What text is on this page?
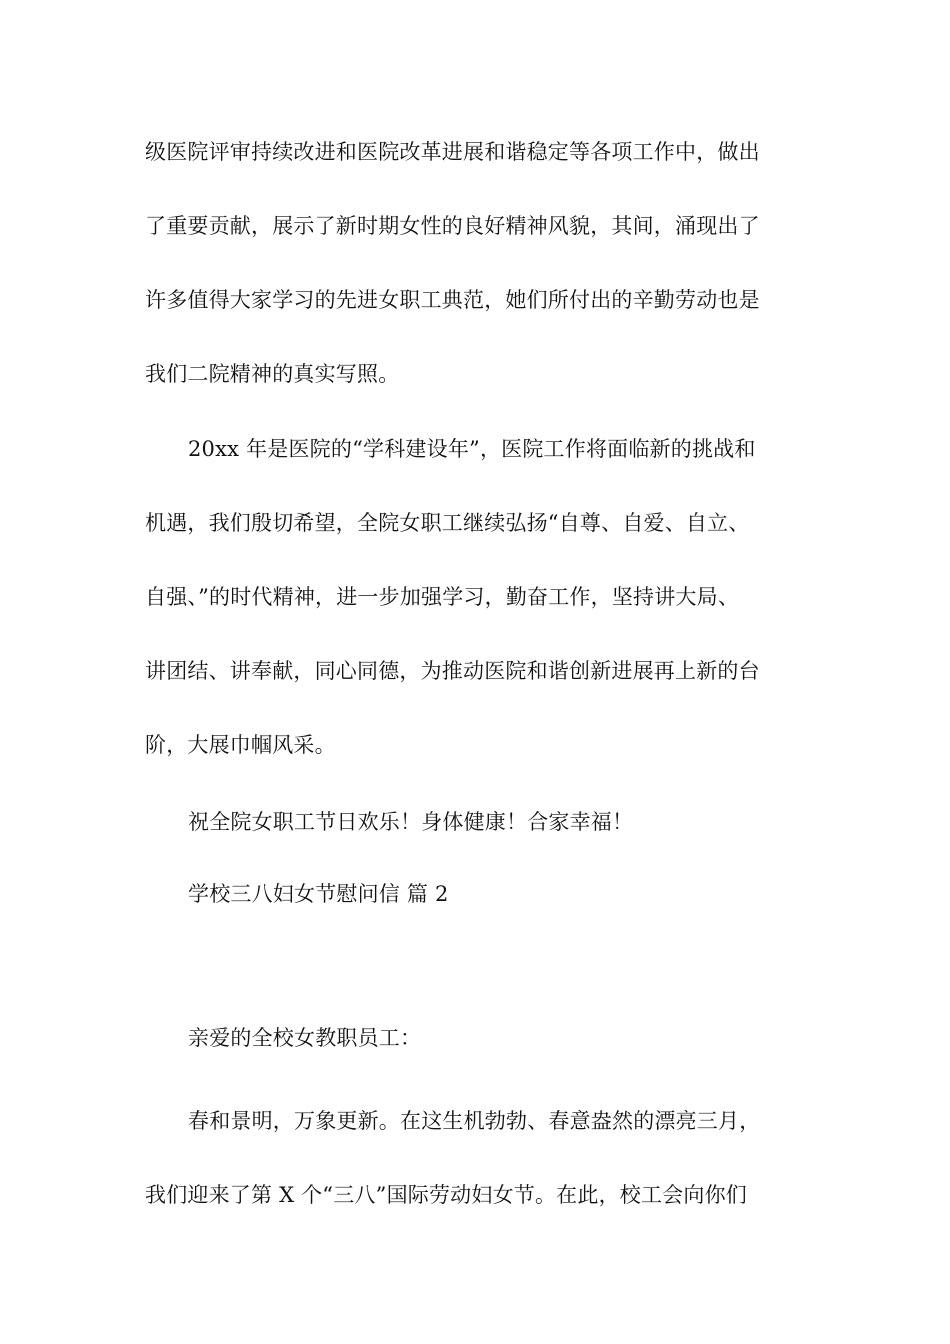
级医院评审持续改进和医院改革进展和谐稳定等各项工作中，做出
了重要贡献，展示了新时期女性的良好精神风貌，其间，涌现出了
许多值得大家学习的先进女职工典范，她们所付出的辛勤劳动也是
我们二院精神的真实写照。
20xx 年是医院的“学科建设年”，医院工作将面临新的挑战和
机遇，我们殷切希望，全院女职工继续弘扬“自尊、自爱、自立、
自强、”的时代精神，进一步加强学习，勤奋工作，坚持讲大局、
讲团结、讲奉献，同心同德，为推动医院和谐创新进展再上新的台
阶，大展巾帼风采。
祝全院女职工节日欢乐！身体健康！合家幸福！
学校三八妇女节慰问信 篇 2
亲爱的全校女教职员工：
春和景明，万象更新。在这生机勃勃、春意盎然的漂亮三月，
我们迎来了第 X 个“三八”国际劳动妇女节。在此，校工会向你们
